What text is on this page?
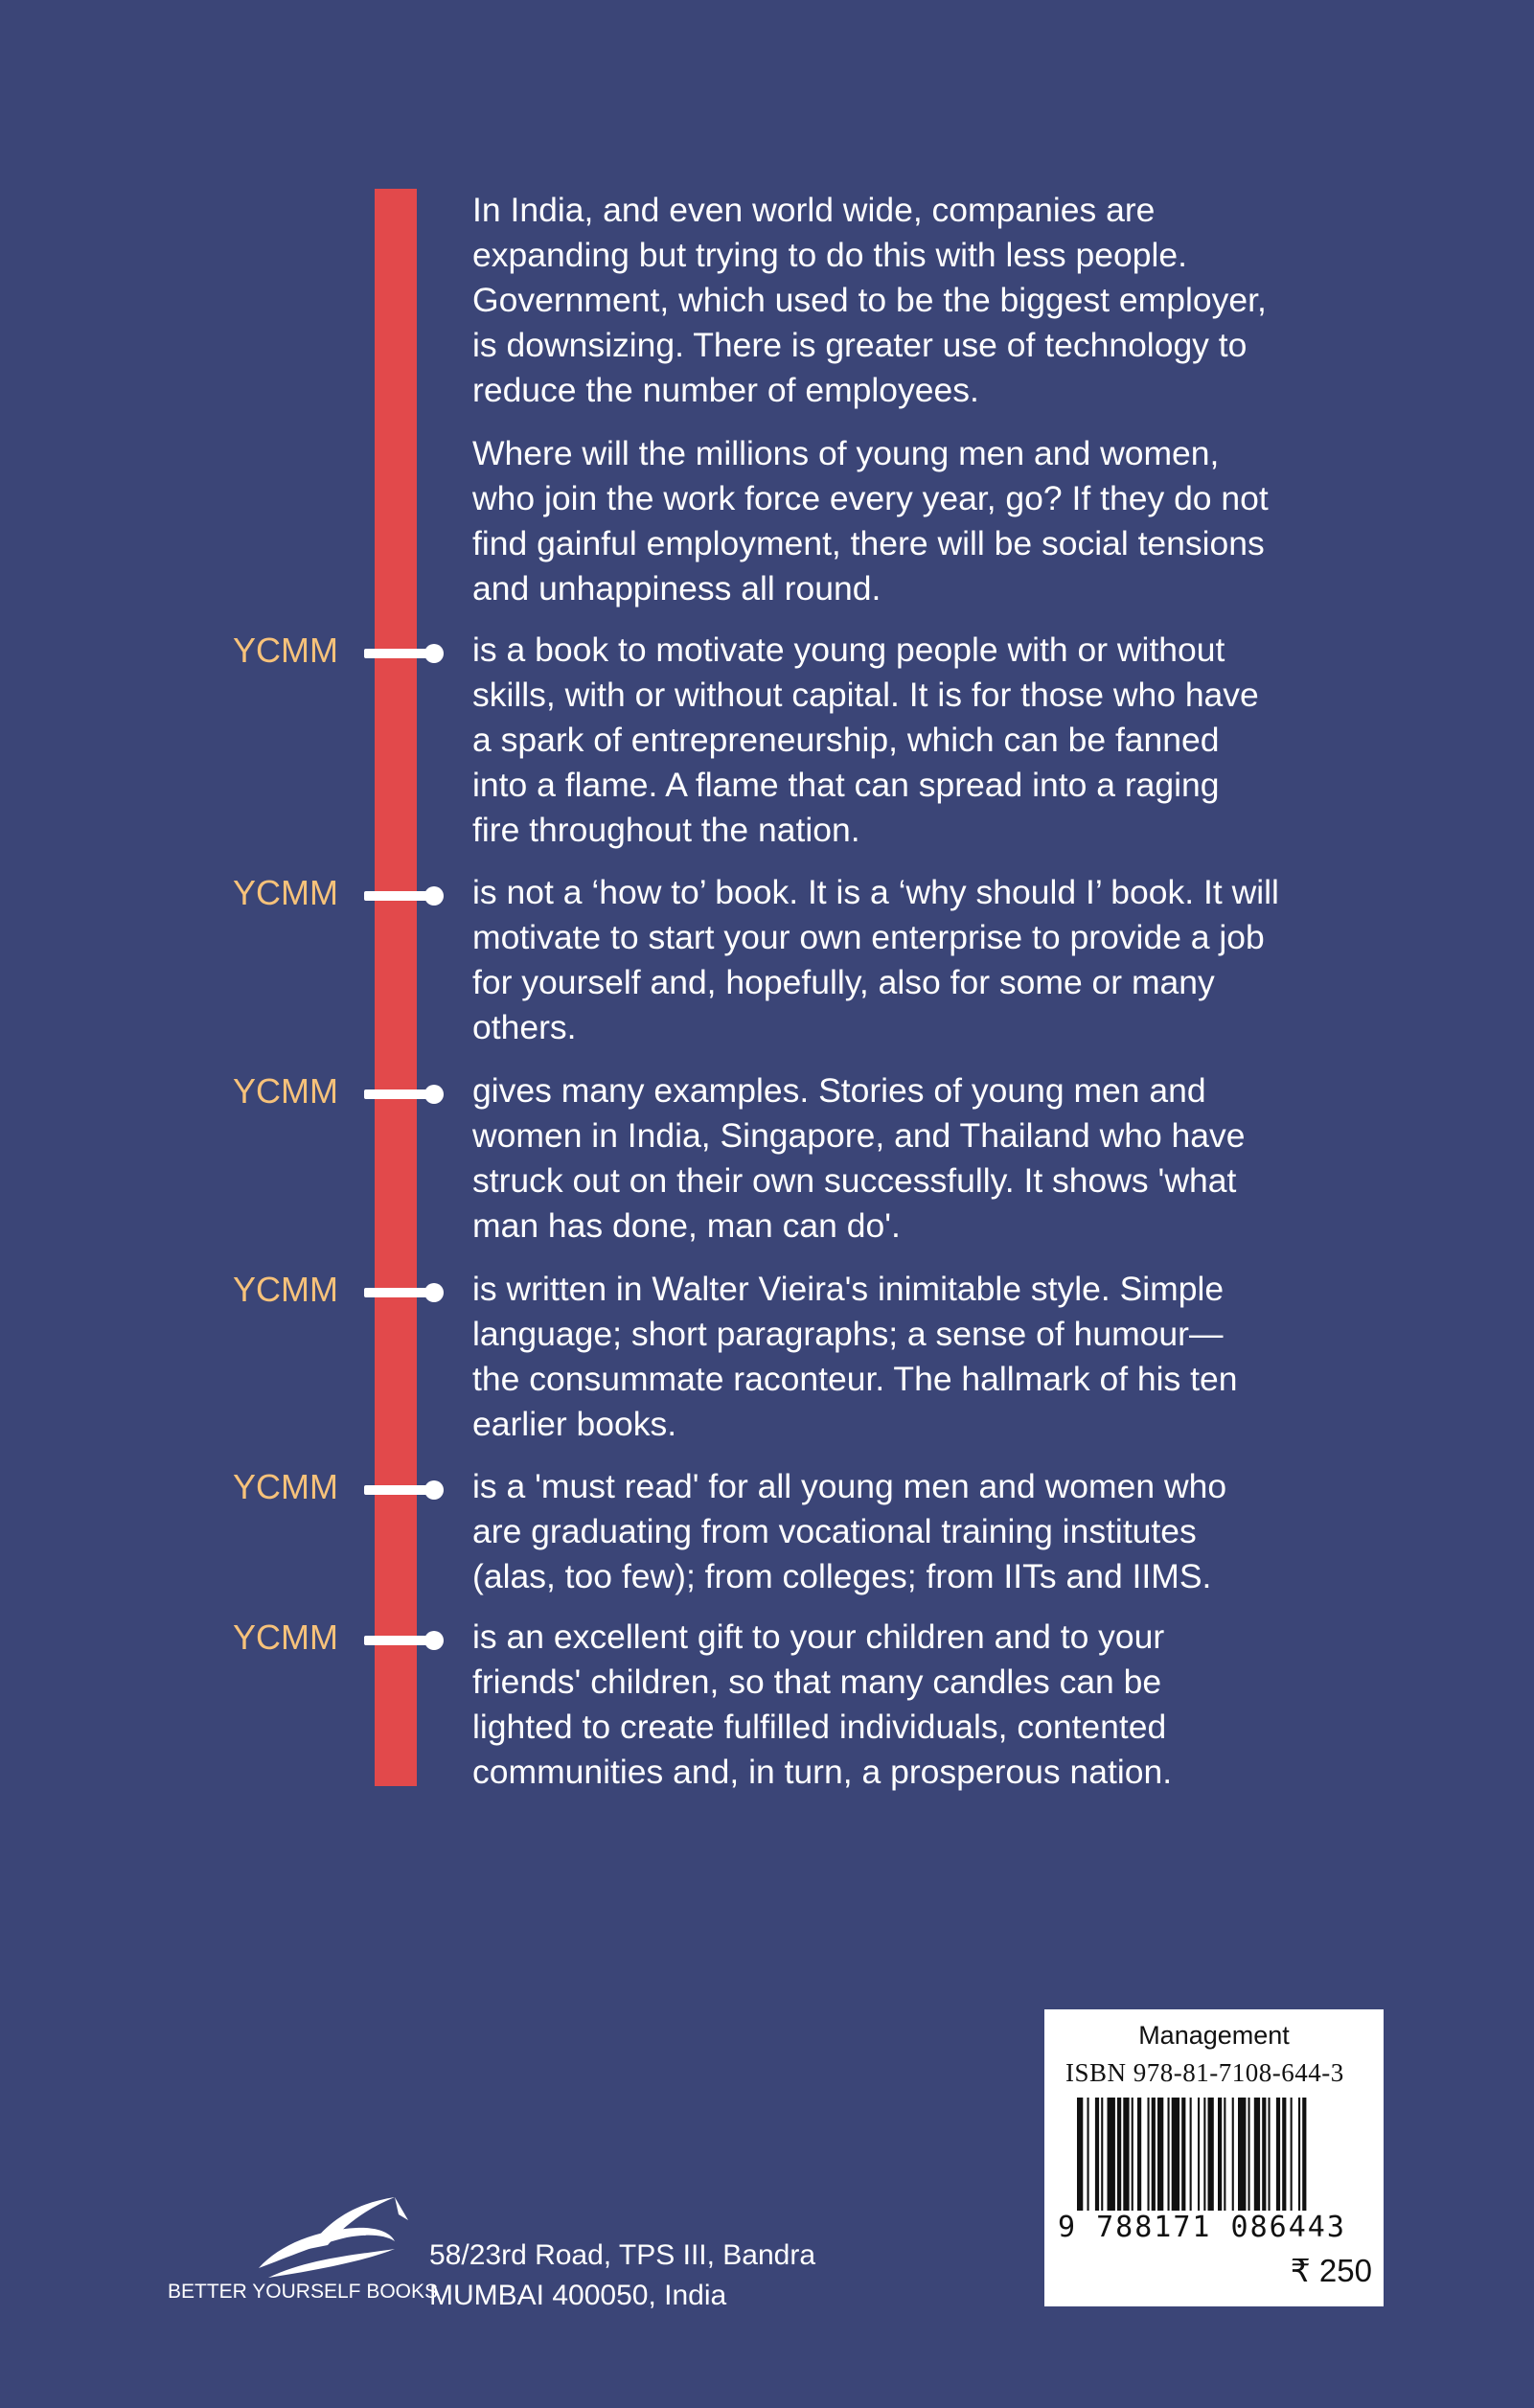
In India, and even world wide, companies are
expanding but trying to do this with less people.
Government, which used to be the biggest employer,
is downsizing. There is greater use of technology to
reduce the number of employees.

Where will the millions of young men and women,
who join the work force every year, go? If they do not
find gainful employment, there will be social tensions
and unhappiness all round.

YCMM	is a book to motivate young people with or without
skills, with or without capital. It is for those who have
a spark of entrepreneurship, which can be fanned
into a flame. A flame that can spread into a raging
fire throughout the nation.

YCMM	is not a ‘how to’ book. It is a ‘why should I’ book. It will
motivate to start your own enterprise to provide a job
for yourself and, hopefully, also for some or many
others.

YCMM	gives many examples. Stories of young men and
women in India, Singapore, and Thailand who have
struck out on their own successfully. It shows 'what
man has done, man can do'.

YCMM	is written in Walter Vieira's inimitable style. Simple
language; short paragraphs; a sense of humour—
the consummate raconteur. The hallmark of his ten
earlier books.

YCMM	is a 'must read' for all young men and women who
are graduating from vocational training institutes
(alas, too few); from colleges; from IITs and IIMS.

YCMM	is an excellent gift to your children and to your
friends' children, so that many candles can be
lighted to create fulfilled individuals, contented
communities and, in turn, a prosperous nation.

Management
ISBN 978-81-7108-644-3
9 788171 086443
₹ 250
BETTER YOURSELF BOOKS
58/23rd Road, TPS III, Bandra
MUMBAI 400050, India
